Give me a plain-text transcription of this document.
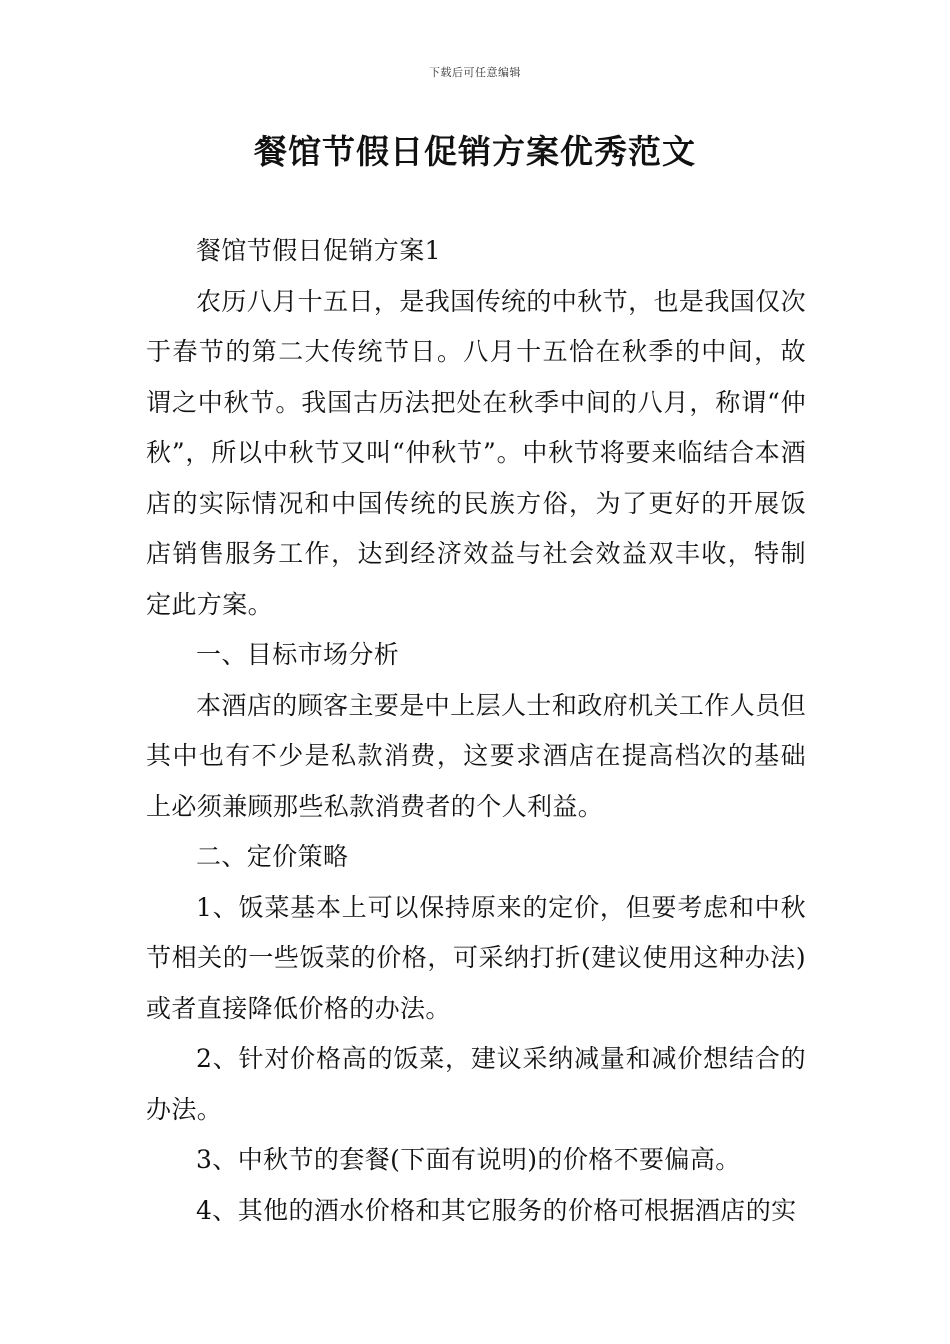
下载后可任意编辑
餐馆节假日促销方案优秀范文

餐馆节假日促销方案1

农历八月十五日，是我国传统的中秋节，也是我国仅次于春节的第二大传统节日。八月十五恰在秋季的中间，故谓之中秋节。我国古历法把处在秋季中间的八月，称谓“仲秋”，所以中秋节又叫“仲秋节”。中秋节将要来临结合本酒店的实际情况和中国传统的民族方俗，为了更好的开展饭店销售服务工作，达到经济效益与社会效益双丰收，特制定此方案。

一、目标市场分析

本酒店的顾客主要是中上层人士和政府机关工作人员但其中也有不少是私款消费，这要求酒店在提高档次的基础上必须兼顾那些私款消费者的个人利益。

二、定价策略

1、饭菜基本上可以保持原来的定价，但要考虑和中秋节相关的一些饭菜的价格，可采纳打折(建议使用这种办法)或者直接降低价格的办法。

2、针对价格高的饭菜，建议采纳减量和减价想结合的办法。

3、中秋节的套餐(下面有说明)的价格不要偏高。

4、其他的酒水价格和其它服务的价格可根据酒店的实
